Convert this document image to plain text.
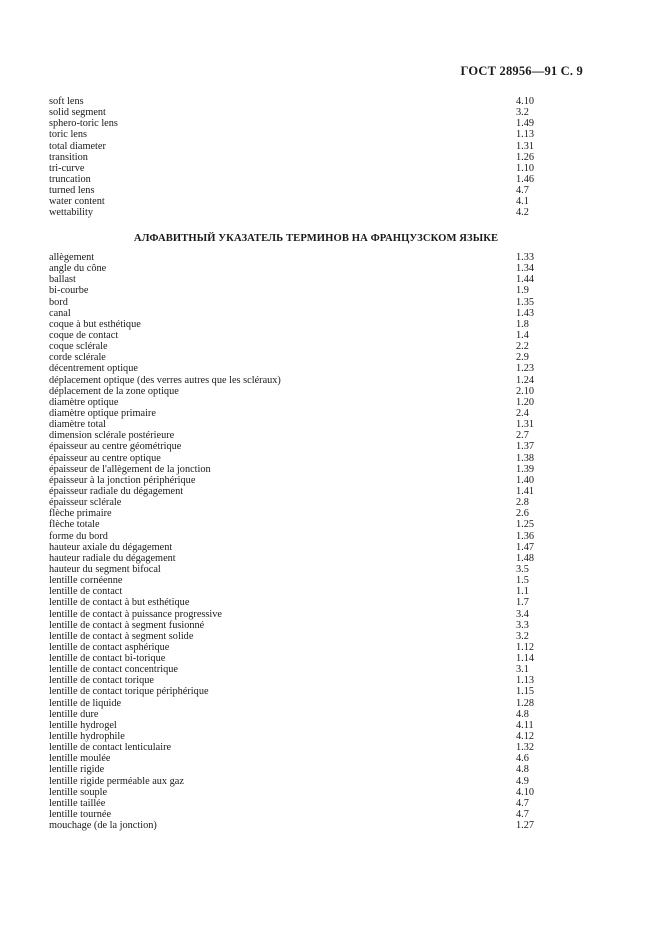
ГОСТ 28956—91 С. 9
soft lens	4.10
solid segment	3.2
sphero-toric lens	1.49
toric lens	1.13
total diameter	1.31
transition	1.26
tri-curve	1.10
truncation	1.46
turned lens	4.7
water content	4.1
wettability	4.2
АЛФАВИТНЫЙ УКАЗАТЕЛЬ ТЕРМИНОВ НА ФРАНЦУЗСКОМ ЯЗЫКЕ
allègement	1.33
angle du cône	1.34
ballast	1.44
bi-courbe	1.9
bord	1.35
canal	1.43
coque à but esthétique	1.8
coque de contact	1.4
coque sclérale	2.2
corde sclérale	2.9
décentrement optique	1.23
déplacement optique (des verres autres que les scléraux)	1.24
déplacement de la zone optique	2.10
diamètre optique	1.20
diamètre optique primaire	2.4
diamètre total	1.31
dimension sclérale postérieure	2.7
épaisseur au centre géométrique	1.37
épaisseur au centre optique	1.38
épaisseur de l'allègement de la jonction	1.39
épaisseur à la jonction périphérique	1.40
épaisseur radiale du dégagement	1.41
épaisseur sclérale	2.8
flèche primaire	2.6
flèche totale	1.25
forme du bord	1.36
hauteur axiale du dégagement	1.47
hauteur radiale du dégagement	1.48
hauteur du segment bifocal	3.5
lentille cornéenne	1.5
lentille de contact	1.1
lentille de contact à but esthétique	1.7
lentille de contact à puissance progressive	3.4
lentille de contact à segment fusionné	3.3
lentille de contact à segment solide	3.2
lentille de contact asphérique	1.12
lentille de contact bi-torique	1.14
lentille de contact concentrique	3.1
lentille de contact torique	1.13
lentille de contact torique périphérique	1.15
lentille de liquide	1.28
lentille dure	4.8
lentille hydrogel	4.11
lentille hydrophile	4.12
lentille de contact lenticulaire	1.32
lentille moulée	4.6
lentille rigide	4.8
lentille rigide perméable aux gaz	4.9
lentille souple	4.10
lentille taillée	4.7
lentille tournée	4.7
mouchage (de la jonction)	1.27
